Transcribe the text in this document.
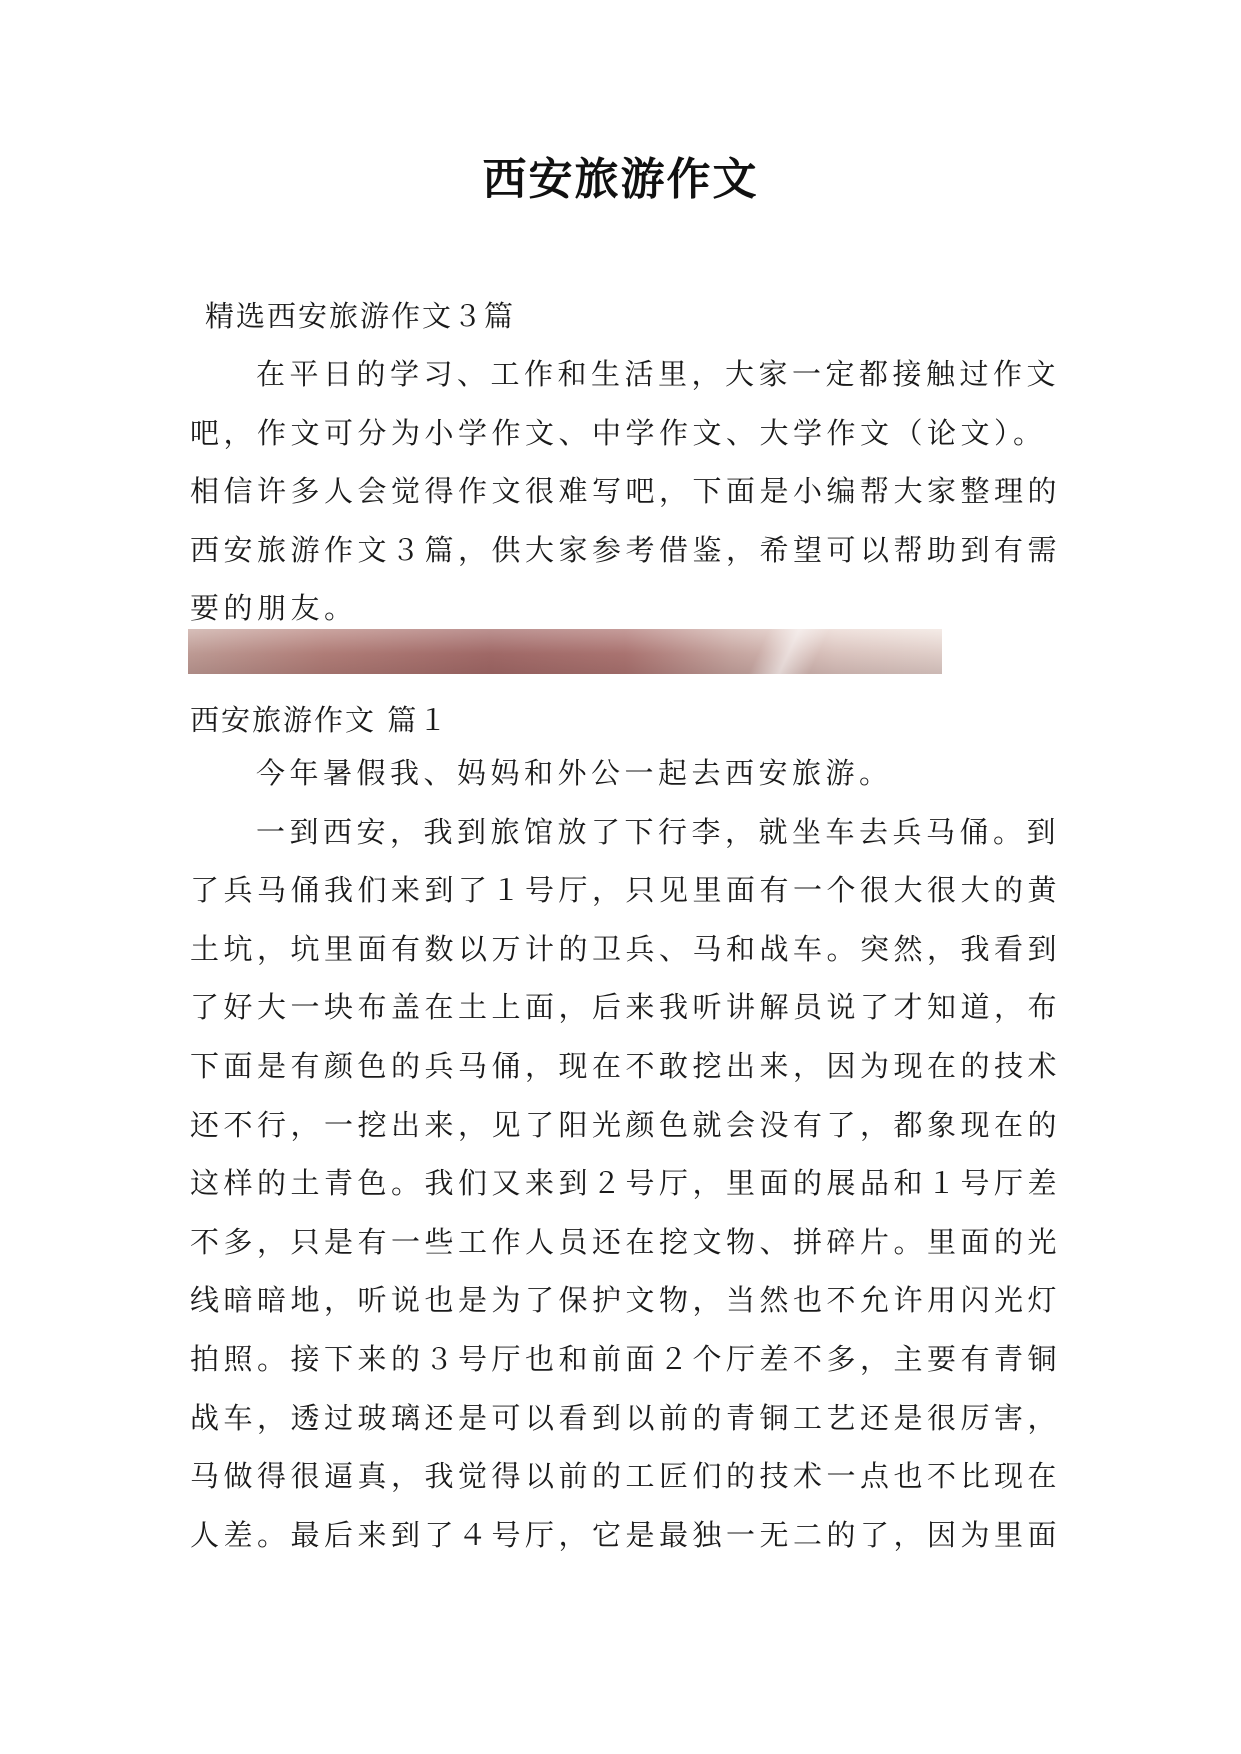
西安旅游作文
精选西安旅游作文３篇
在平日的学习、工作和生活里，大家一定都接触过作文
吧，作文可分为小学作文、中学作文、大学作文（论文）。
相信许多人会觉得作文很难写吧，下面是小编帮大家整理的
西安旅游作文３篇，供大家参考借鉴，希望可以帮助到有需
要的朋友。
西安旅游作文 篇１
今年暑假我、妈妈和外公一起去西安旅游。
一到西安，我到旅馆放了下行李，就坐车去兵马俑。到
了兵马俑我们来到了１号厅，只见里面有一个很大很大的黄
土坑，坑里面有数以万计的卫兵、马和战车。突然，我看到
了好大一块布盖在土上面，后来我听讲解员说了才知道，布
下面是有颜色的兵马俑，现在不敢挖出来，因为现在的技术
还不行，一挖出来，见了阳光颜色就会没有了，都象现在的
这样的土青色。我们又来到２号厅，里面的展品和１号厅差
不多，只是有一些工作人员还在挖文物、拼碎片。里面的光
线暗暗地，听说也是为了保护文物，当然也不允许用闪光灯
拍照。接下来的３号厅也和前面２个厅差不多，主要有青铜
战车，透过玻璃还是可以看到以前的青铜工艺还是很厉害，
马做得很逼真，我觉得以前的工匠们的技术一点也不比现在
人差。最后来到了４号厅，它是最独一无二的了，因为里面
